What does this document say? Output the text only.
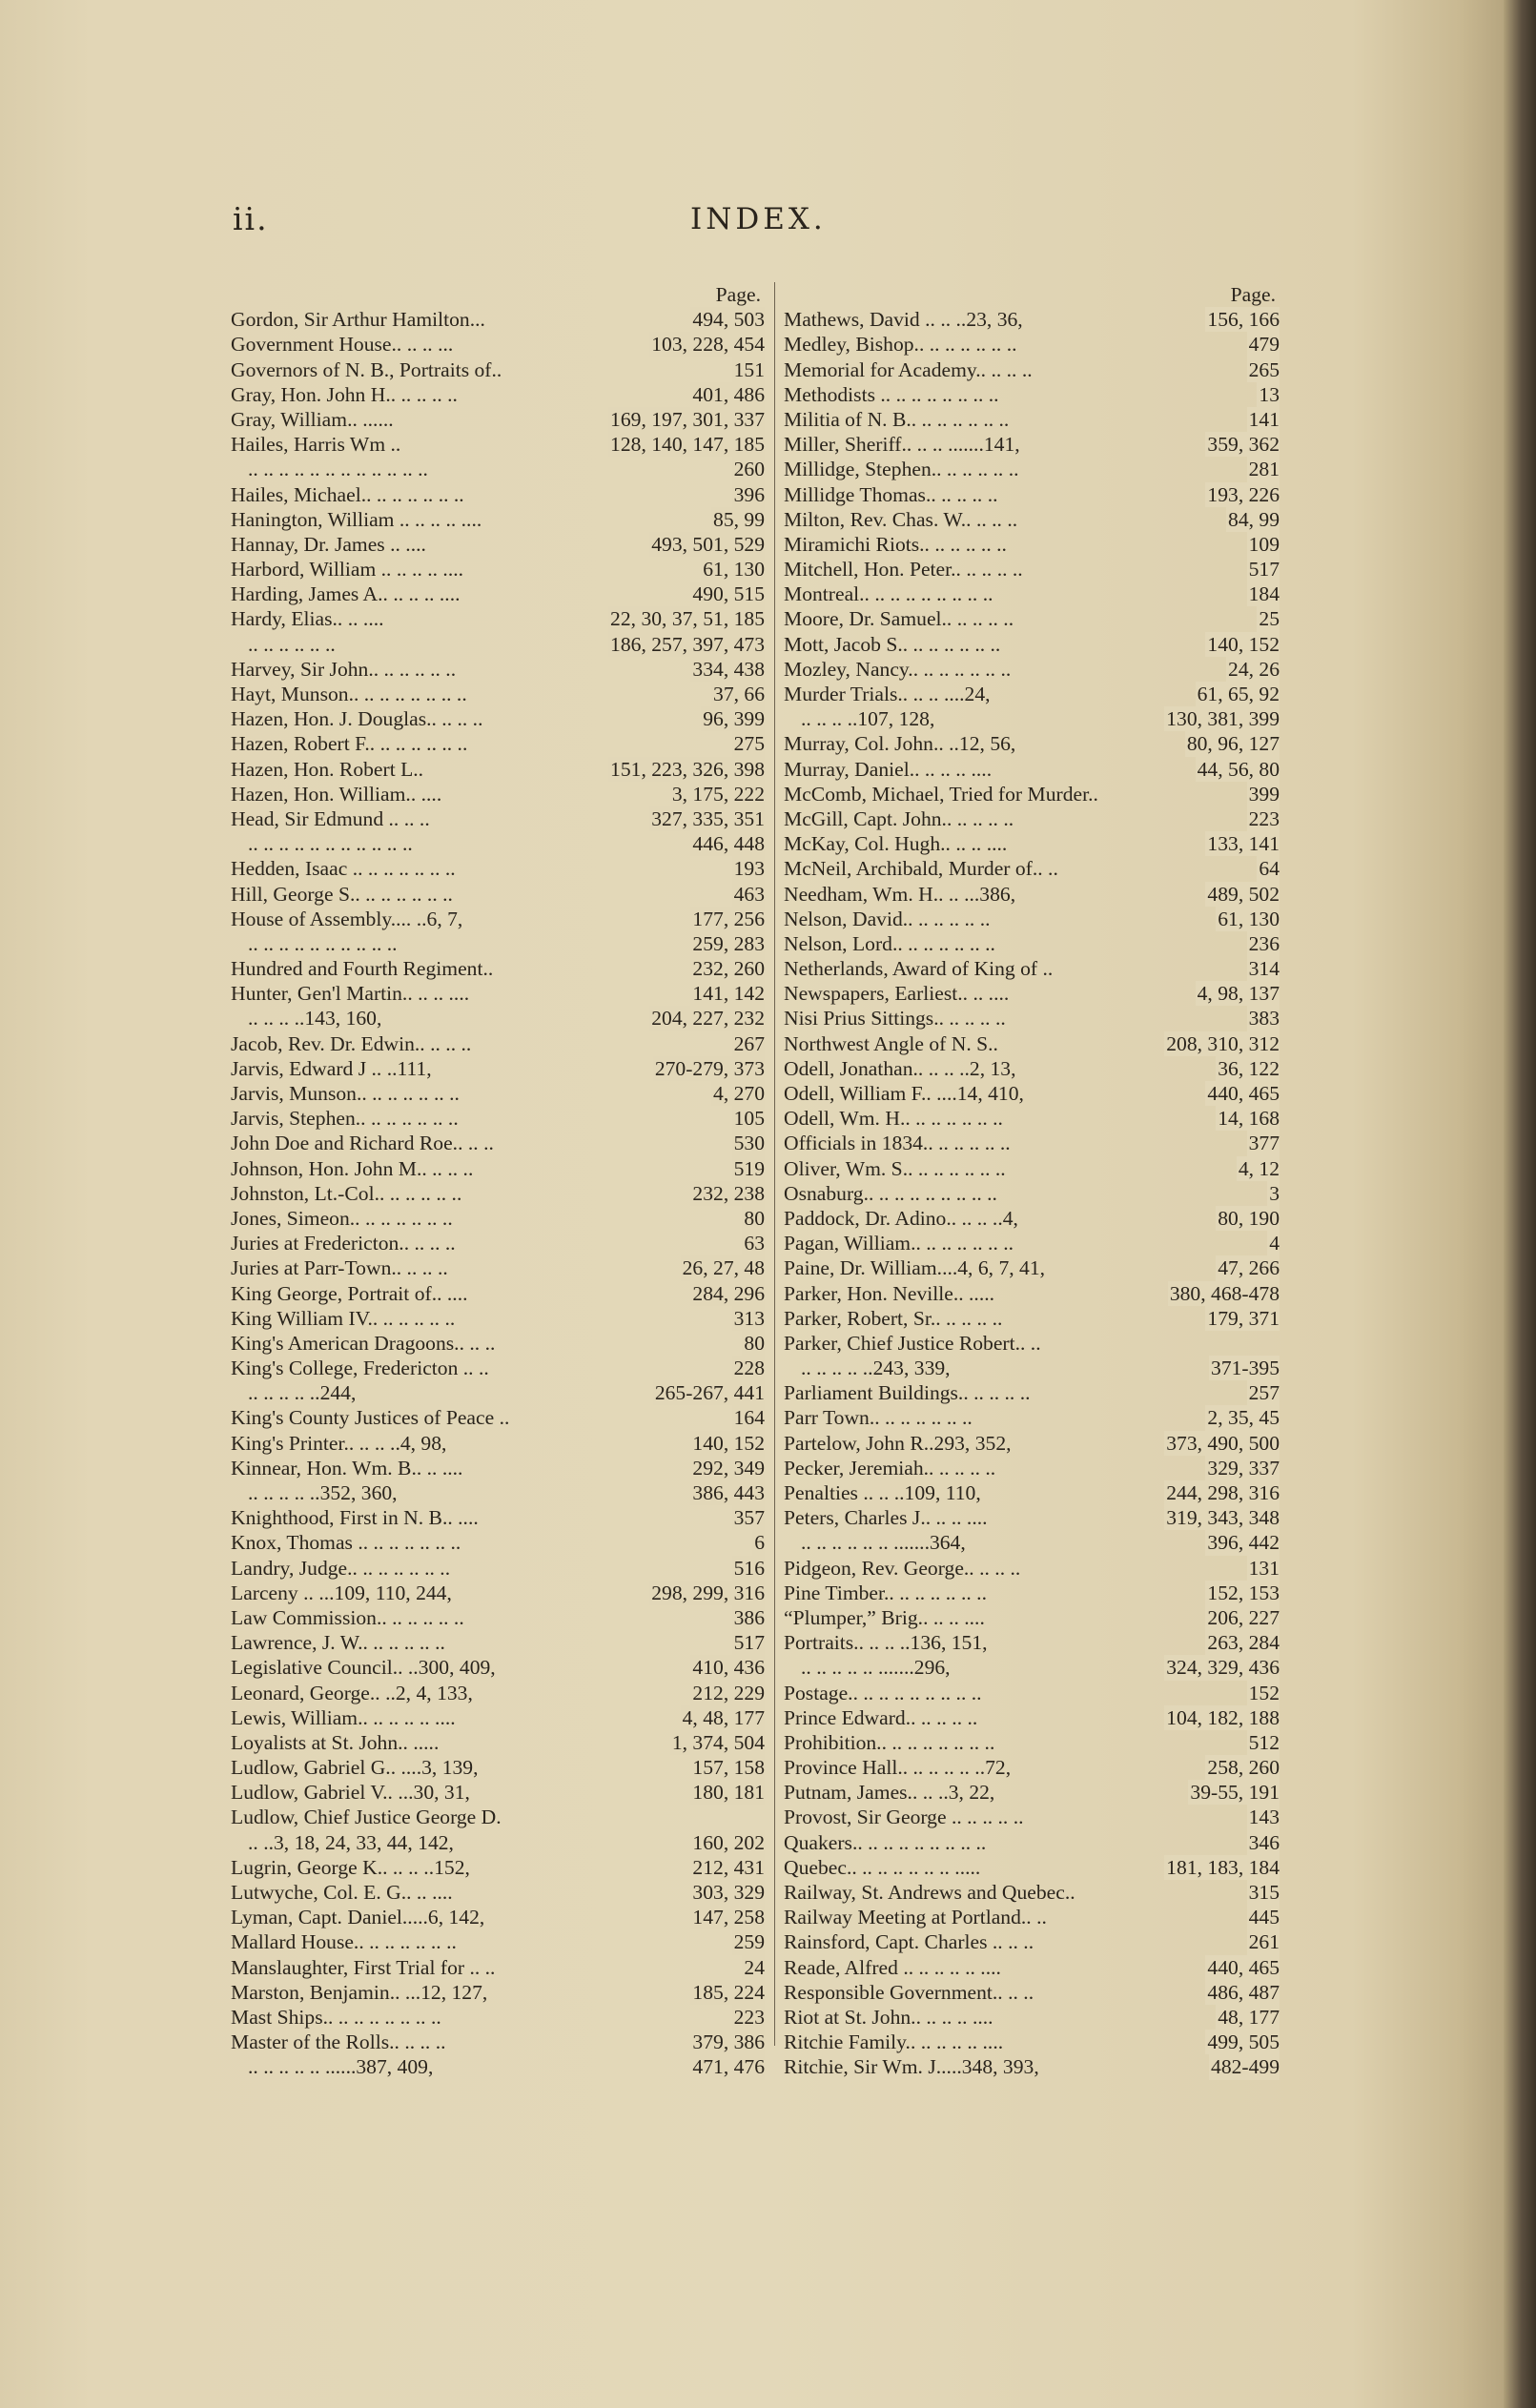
ii.	INDEX.
Page.
Gordon, Sir Arthur Hamilton...	494, 503
Government House.. .. .. ...	103, 228, 454
Governors of N. B., Portraits of..	151
Gray, Hon. John H.. .. .. .. ..	401, 486
Gray, William.. ......	169, 197, 301, 337
Hailes, Harris Wm ..	128, 140, 147, 185
.. .. .. .. .. .. .. .. .. .. .. ..	260
Hailes, Michael.. .. .. .. .. .. ..	396
Hanington, William .. .. .. .. ....	85, 99
Hannay, Dr. James .. ....	493, 501, 529
Harbord, William .. .. .. .. ....	61, 130
Harding, James A.. .. .. .. ....	490, 515
Hardy, Elias.. .. ....	22, 30, 37, 51, 185
.. .. .. .. .. ..	186, 257, 397, 473
Harvey, Sir John.. .. .. .. .. ..	334, 438
Hayt, Munson.. .. .. .. .. .. .. ..	37, 66
Hazen, Hon. J. Douglas.. .. .. ..	96, 399
Hazen, Robert F.. .. .. .. .. .. ..	275
Hazen, Hon. Robert L..	151, 223, 326, 398
Hazen, Hon. William.. ....	3, 175, 222
Head, Sir Edmund .. .. ..	327, 335, 351
.. .. .. .. .. .. .. .. .. .. ..	446, 448
Hedden, Isaac .. .. .. .. .. .. ..	193
Hill, George S.. .. .. .. .. .. ..	463
House of Assembly.... ..6, 7,	177, 256
.. .. .. .. .. .. .. .. .. ..	259, 283
Hundred and Fourth Regiment..	232, 260
Hunter, Gen'l Martin.. .. .. ....	141, 142
.. .. .. ..143, 160,	204, 227, 232
Jacob, Rev. Dr. Edwin.. .. .. ..	267
Jarvis, Edward J .. ..111,	270-279, 373
Jarvis, Munson.. .. .. .. .. .. ..	4, 270
Jarvis, Stephen.. .. .. .. .. .. ..	105
John Doe and Richard Roe.. .. ..	530
Johnson, Hon. John M.. .. .. ..	519
Johnston, Lt.-Col.. .. .. .. .. ..	232, 238
Jones, Simeon.. .. .. .. .. .. ..	80
Juries at Fredericton.. .. .. ..	63
Juries at Parr-Town.. .. .. ..	26, 27, 48
King George, Portrait of.. ....	284, 296
King William IV.. .. .. .. .. ..	313
King's American Dragoons.. .. ..	80
King's College, Fredericton .. ..	228
.. .. .. .. ..244,	265-267, 441
King's County Justices of Peace ..	164
King's Printer.. .. .. ..4, 98,	140, 152
Kinnear, Hon. Wm. B.. .. ....	292, 349
.. .. .. .. ..352, 360,	386, 443
Knighthood, First in N. B.. ....	357
Knox, Thomas .. .. .. .. .. .. ..	6
Landry, Judge.. .. .. .. .. .. ..	516
Larceny .. ...109, 110, 244,	298, 299, 316
Law Commission.. .. .. .. .. ..	386
Lawrence, J. W.. .. .. .. .. ..	517
Legislative Council.. ..300, 409,	410, 436
Leonard, George.. ..2, 4, 133,	212, 229
Lewis, William.. .. .. .. .. ....	4, 48, 177
Loyalists at St. John.. .....	1, 374, 504
Ludlow, Gabriel G.. ....3, 139,	157, 158
Ludlow, Gabriel V.. ...30, 31,	180, 181
Ludlow, Chief Justice George D.
.. ..3, 18, 24, 33, 44, 142,	160, 202
Lugrin, George K.. .. .. ..152,	212, 431
Lutwyche, Col. E. G.. .. ....	303, 329
Lyman, Capt. Daniel.....6, 142,	147, 258
Mallard House.. .. .. .. .. .. ..	259
Manslaughter, First Trial for .. ..	24
Marston, Benjamin.. ...12, 127,	185, 224
Mast Ships.. .. .. .. .. .. .. ..	223
Master of the Rolls.. .. .. ..	379, 386
.. .. .. .. .. ......387, 409,	471, 476
Page.
Mathews, David .. .. ..23, 36,	156, 166
Medley, Bishop.. .. .. .. .. .. ..	479
Memorial for Academy.. .. .. ..	265
Methodists .. .. .. .. .. .. .. ..	13
Militia of N. B.. .. .. .. .. .. ..	141
Miller, Sheriff.. .. .. .......141,	359, 362
Millidge, Stephen.. .. .. .. .. ..	281
Millidge Thomas.. .. .. .. ..	193, 226
Milton, Rev. Chas. W.. .. .. ..	84, 99
Miramichi Riots.. .. .. .. .. ..	109
Mitchell, Hon. Peter.. .. .. .. ..	517
Montreal.. .. .. .. .. .. .. .. ..	184
Moore, Dr. Samuel.. .. .. .. ..	25
Mott, Jacob S.. .. .. .. .. .. ..	140, 152
Mozley, Nancy.. .. .. .. .. .. ..	24, 26
Murder Trials.. .. .. ....24,	61, 65, 92
.. .. .. ..107, 128,	130, 381, 399
Murray, Col. John.. ..12, 56,	80, 96, 127
Murray, Daniel.. .. .. .. ....	44, 56, 80
McComb, Michael, Tried for Murder..	399
McGill, Capt. John.. .. .. .. ..	223
McKay, Col. Hugh.. .. .. ....	133, 141
McNeil, Archibald, Murder of.. ..	64
Needham, Wm. H.. .. ...386,	489, 502
Nelson, David.. .. .. .. .. ..	61, 130
Nelson, Lord.. .. .. .. .. .. ..	236
Netherlands, Award of King of ..	314
Newspapers, Earliest.. .. ....	4, 98, 137
Nisi Prius Sittings.. .. .. .. ..	383
Northwest Angle of N. S..	208, 310, 312
Odell, Jonathan.. .. .. ..2, 13,	36, 122
Odell, William F.. ....14, 410,	440, 465
Odell, Wm. H.. .. .. .. .. .. ..	14, 168
Officials in 1834.. .. .. .. .. ..	377
Oliver, Wm. S.. .. .. .. .. .. ..	4, 12
Osnaburg.. .. .. .. .. .. .. .. ..	3
Paddock, Dr. Adino.. .. .. ..4,	80, 190
Pagan, William.. .. .. .. .. .. ..	4
Paine, Dr. William....4, 6, 7, 41,	47, 266
Parker, Hon. Neville.. .....	380, 468-478
Parker, Robert, Sr.. .. .. .. ..	179, 371
Parker, Chief Justice Robert.. ..
.. .. .. .. ..243, 339,	371-395
Parliament Buildings.. .. .. .. ..	257
Parr Town.. .. .. .. .. .. ..	2, 35, 45
Partelow, John R..293, 352,	373, 490, 500
Pecker, Jeremiah.. .. .. .. ..	329, 337
Penalties .. .. ..109, 110,	244, 298, 316
Peters, Charles J.. .. .. ....	319, 343, 348
.. .. .. .. .. .. .......364,	396, 442
Pidgeon, Rev. George.. .. .. ..	131
Pine Timber.. .. .. .. .. .. ..	152, 153
“Plumper,” Brig.. .. .. ....	206, 227
Portraits.. .. .. ..136, 151,	263, 284
.. .. .. .. .. .......296,	324, 329, 436
Postage.. .. .. .. .. .. .. .. ..	152
Prince Edward.. .. .. .. ..	104, 182, 188
Prohibition.. .. .. .. .. .. .. ..	512
Province Hall.. .. .. .. .. ..72,	258, 260
Putnam, James.. .. ..3, 22,	39-55, 191
Provost, Sir George .. .. .. .. ..	143
Quakers.. .. .. .. .. .. .. .. ..	346
Quebec.. .. .. .. .. .. .. .....	181, 183, 184
Railway, St. Andrews and Quebec..	315
Railway Meeting at Portland.. ..	445
Rainsford, Capt. Charles .. .. ..	261
Reade, Alfred .. .. .. .. .. ....	440, 465
Responsible Government.. .. ..	486, 487
Riot at St. John.. .. .. .. ....	48, 177
Ritchie Family.. .. .. .. .. ....	499, 505
Ritchie, Sir Wm. J.....348, 393,	482-499
